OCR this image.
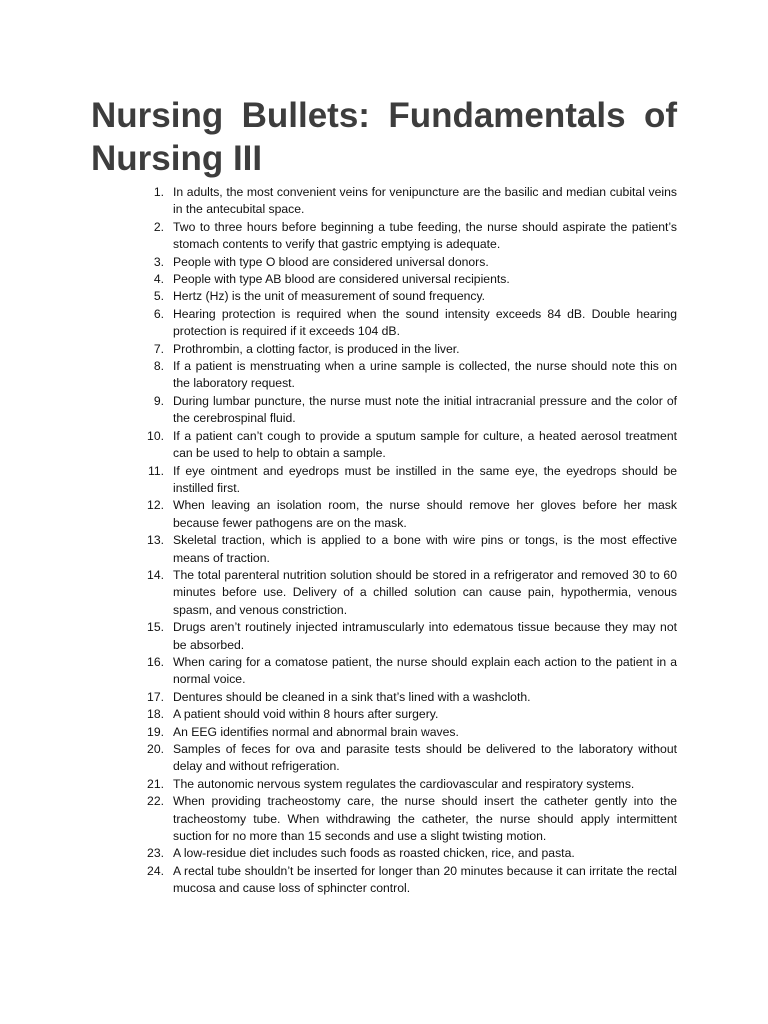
Nursing Bullets: Fundamentals of Nursing III
1. In adults, the most convenient veins for venipuncture are the basilic and median cubital veins in the antecubital space.
2. Two to three hours before beginning a tube feeding, the nurse should aspirate the patient’s stomach contents to verify that gastric emptying is adequate.
3. People with type O blood are considered universal donors.
4. People with type AB blood are considered universal recipients.
5. Hertz (Hz) is the unit of measurement of sound frequency.
6. Hearing protection is required when the sound intensity exceeds 84 dB. Double hearing protection is required if it exceeds 104 dB.
7. Prothrombin, a clotting factor, is produced in the liver.
8. If a patient is menstruating when a urine sample is collected, the nurse should note this on the laboratory request.
9. During lumbar puncture, the nurse must note the initial intracranial pressure and the color of the cerebrospinal fluid.
10. If a patient can’t cough to provide a sputum sample for culture, a heated aerosol treatment can be used to help to obtain a sample.
11. If eye ointment and eyedrops must be instilled in the same eye, the eyedrops should be instilled first.
12. When leaving an isolation room, the nurse should remove her gloves before her mask because fewer pathogens are on the mask.
13. Skeletal traction, which is applied to a bone with wire pins or tongs, is the most effective means of traction.
14. The total parenteral nutrition solution should be stored in a refrigerator and removed 30 to 60 minutes before use. Delivery of a chilled solution can cause pain, hypothermia, venous spasm, and venous constriction.
15. Drugs aren’t routinely injected intramuscularly into edematous tissue because they may not be absorbed.
16. When caring for a comatose patient, the nurse should explain each action to the patient in a normal voice.
17. Dentures should be cleaned in a sink that’s lined with a washcloth.
18. A patient should void within 8 hours after surgery.
19. An EEG identifies normal and abnormal brain waves.
20. Samples of feces for ova and parasite tests should be delivered to the laboratory without delay and without refrigeration.
21. The autonomic nervous system regulates the cardiovascular and respiratory systems.
22. When providing tracheostomy care, the nurse should insert the catheter gently into the tracheostomy tube. When withdrawing the catheter, the nurse should apply intermittent suction for no more than 15 seconds and use a slight twisting motion.
23. A low-residue diet includes such foods as roasted chicken, rice, and pasta.
24. A rectal tube shouldn’t be inserted for longer than 20 minutes because it can irritate the rectal mucosa and cause loss of sphincter control.
